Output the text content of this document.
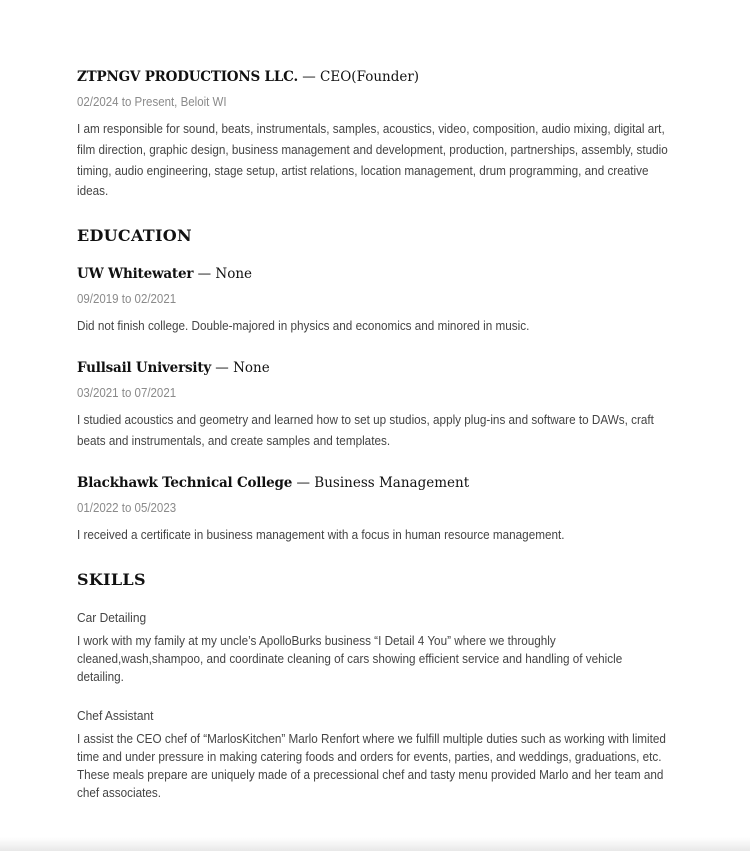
ZTPNGV PRODUCTIONS LLC. — CEO(Founder)
02/2024 to Present, Beloit WI
I am responsible for sound, beats, instrumentals, samples, acoustics, video, composition, audio mixing, digital art, film direction, graphic design, business management and development, production, partnerships, assembly, studio timing, audio engineering, stage setup, artist relations, location management, drum programming, and creative ideas.
EDUCATION
UW Whitewater — None
09/2019 to 02/2021
Did not finish college. Double-majored in physics and economics and minored in music.
Fullsail University — None
03/2021 to 07/2021
I studied acoustics and geometry and learned how to set up studios, apply plug-ins and software to DAWs, craft beats and instrumentals, and create samples and templates.
Blackhawk Technical College — Business Management
01/2022 to 05/2023
I received a certificate in business management with a focus in human resource management.
SKILLS
Car Detailing
I work with my family at my uncle’s ApolloBurks business “I Detail 4 You” where we throughly cleaned,wash,shampoo, and coordinate cleaning of cars showing efficient service and handling of vehicle detailing.
Chef Assistant
I assist the CEO chef of “MarlosKitchen” Marlo Renfort where we fulfill multiple duties such as working with limited time and under pressure in making catering foods and orders for events, parties, and weddings, graduations, etc. These meals prepare are uniquely made of a precessional chef and tasty menu provided Marlo and her team and chef associates.
